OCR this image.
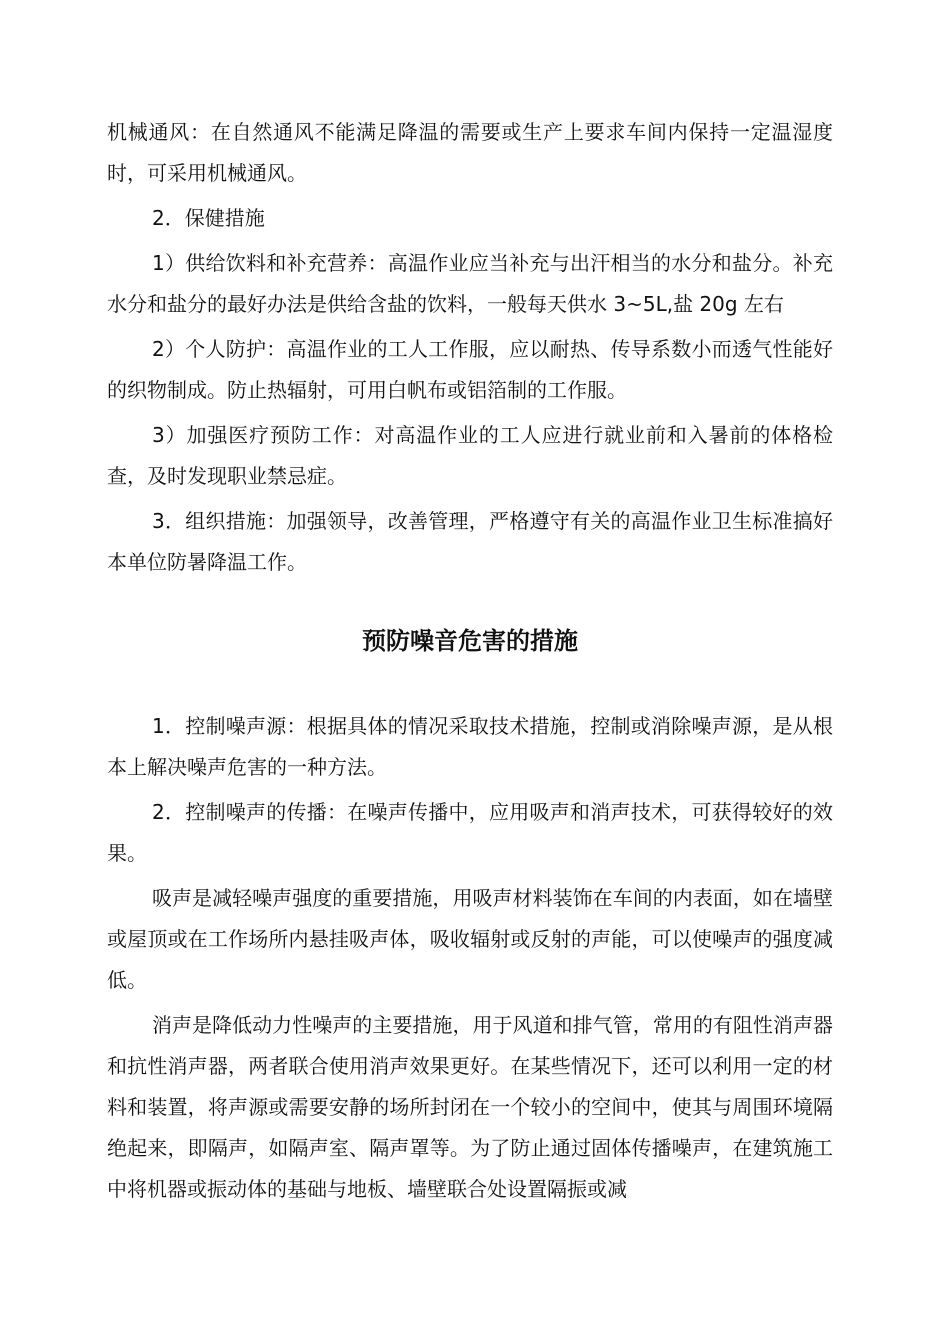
机械通风：在自然通风不能满足降温的需要或生产上要求车间内保持一定温湿度时，可采用机械通风。

2．保健措施

1）供给饮料和补充营养：高温作业应当补充与出汗相当的水分和盐分。补充水分和盐分的最好办法是供给含盐的饮料，一般每天供水 3~5L,盐 20g 左右

2）个人防护：高温作业的工人工作服，应以耐热、传导系数小而透气性能好的织物制成。防止热辐射，可用白帆布或铝箔制的工作服。

3）加强医疗预防工作：对高温作业的工人应进行就业前和入暑前的体格检查，及时发现职业禁忌症。

3．组织措施：加强领导，改善管理，严格遵守有关的高温作业卫生标准搞好本单位防暑降温工作。

预防噪音危害的措施

1．控制噪声源：根据具体的情况采取技术措施，控制或消除噪声源，是从根本上解决噪声危害的一种方法。

2．控制噪声的传播：在噪声传播中，应用吸声和消声技术，可获得较好的效果。

吸声是减轻噪声强度的重要措施，用吸声材料装饰在车间的内表面，如在墙壁或屋顶或在工作场所内悬挂吸声体，吸收辐射或反射的声能，可以使噪声的强度减低。

消声是降低动力性噪声的主要措施，用于风道和排气管，常用的有阻性消声器和抗性消声器，两者联合使用消声效果更好。在某些情况下，还可以利用一定的材料和装置，将声源或需要安静的场所封闭在一个较小的空间中，使其与周围环境隔绝起来，即隔声，如隔声室、隔声罩等。为了防止通过固体传播噪声，在建筑施工中将机器或振动体的基础与地板、墙壁联合处设置隔振或减
